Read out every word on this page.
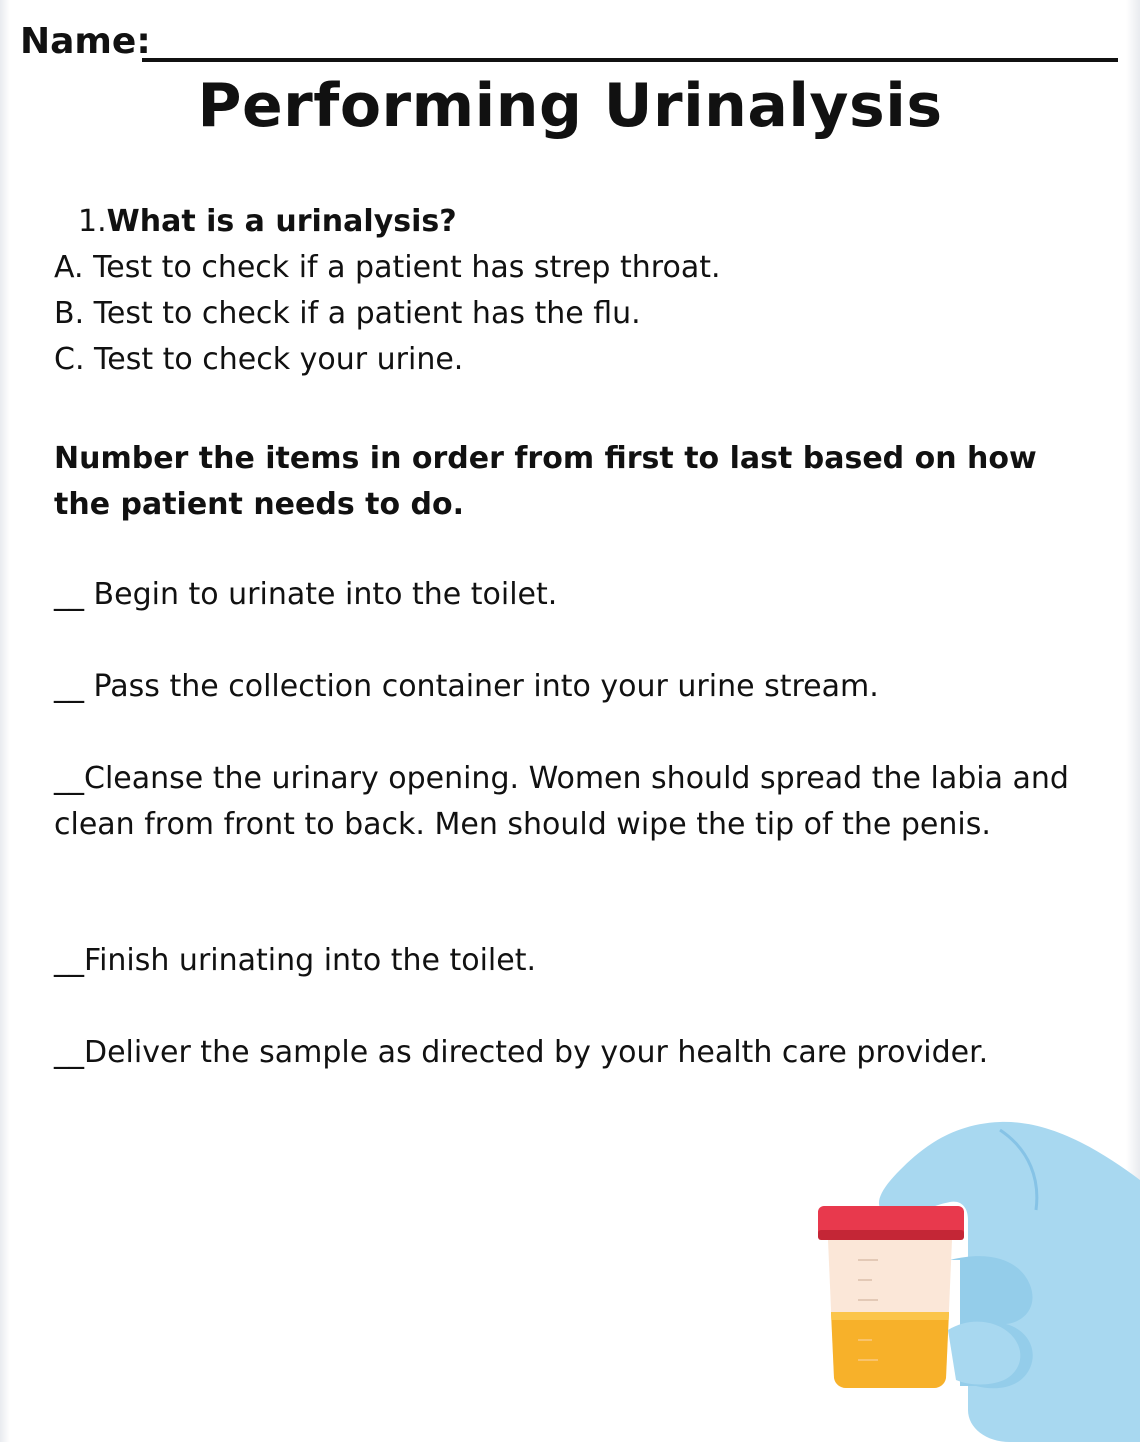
Name:
Performing Urinalysis
1.What is a urinalysis?
A. Test to check if a patient has strep throat.
B. Test to check if a patient has the flu.
C. Test to check your urine.
Number the items in order from first to last based on how the patient needs to do.
__ Begin to urinate into the toilet.
__ Pass the collection container into your urine stream.
__Cleanse the urinary opening. Women should spread the labia and clean from front to back. Men should wipe the tip of the penis.
__Finish urinating into the toilet.
__Deliver the sample as directed by your health care provider.
